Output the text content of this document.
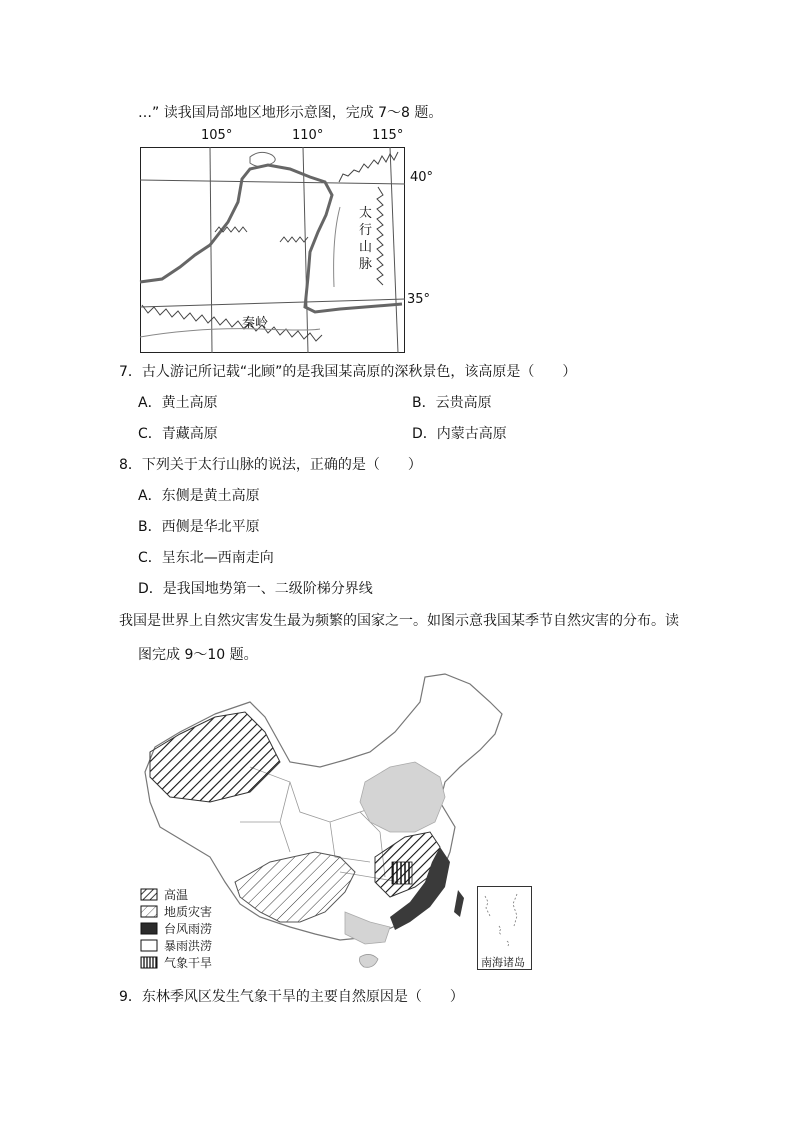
…” 读我国局部地区地形示意图，完成 7～8 题。
105°	110°	115°
40°
35°
太
行
山
脉
秦岭
7．古人游记所记载“北顾”的是我国某高原的深秋景色，该高原是（　　）
A．黄土高原	B．云贵高原
C．青藏高原	D．内蒙古高原
8．下列关于太行山脉的说法，正确的是（　　）
A．东侧是黄土高原
B．西侧是华北平原
C．呈东北—西南走向
D．是我国地势第一、二级阶梯分界线
我国是世界上自然灾害发生最为频繁的国家之一。如图示意我国某季节自然灾害的分布。读
图完成 9～10 题。
高温
地质灾害
台风雨涝
暴雨洪涝
气象干旱	南海诸岛
9．东林季风区发生气象干旱的主要自然原因是（　　）
